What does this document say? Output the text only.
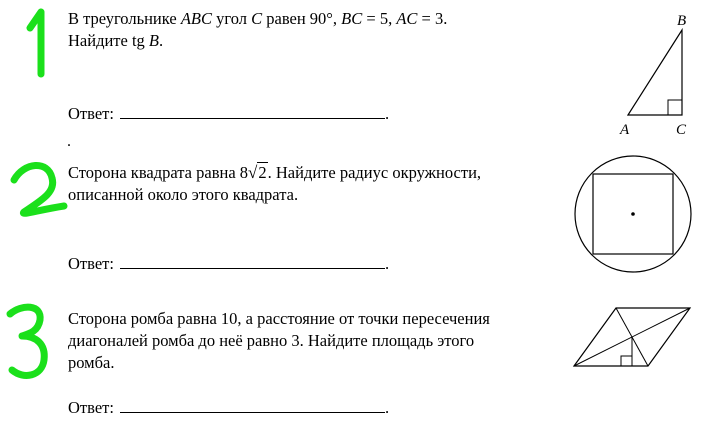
В треугольнике ABC угол C равен 90°, BC = 5, AC = 3.
Найдите tg B.
Ответ:	.
B
A	C
.
Сторона квадрата равна 8√2. Найдите радиус окружности,
описанной около этого квадрата.
Ответ:	.
Сторона ромба равна 10, а расстояние от точки пересечения
диагоналей ромба до неё равно 3. Найдите площадь этого
ромба.
Ответ:	.
